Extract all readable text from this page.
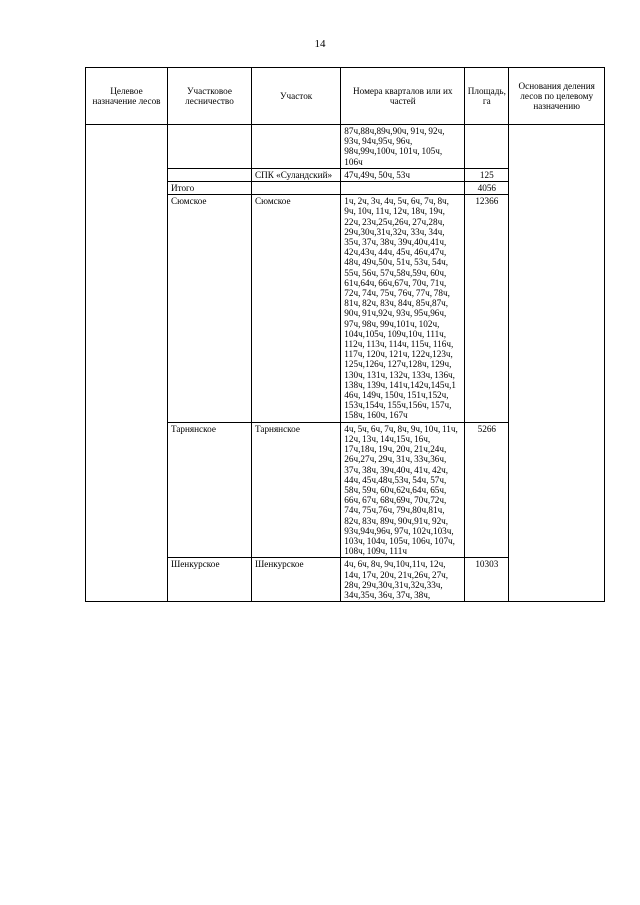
14
Целевое назначение лесов	Участковое лесничество	Участок	Номера кварталов или их частей	Площадь, га	Основания деления лесов по целевому назначению
			87ч,88ч,89ч,90ч, 91ч, 92ч, 93ч, 94ч,95ч, 96ч, 98ч,99ч,100ч, 101ч, 105ч, 106ч		
		СПК «Суландский»	47ч,49ч, 50ч, 53ч	125	
	Итого			4056	
	Сюмское	Сюмское	1ч, 2ч, 3ч, 4ч, 5ч, 6ч, 7ч, 8ч, 9ч, 10ч, 11ч, 12ч, 18ч, 19ч, 22ч, 23ч,25ч,26ч, 27ч,28ч, 29ч,30ч,31ч,32ч, 33ч, 34ч, 35ч, 37ч, 38ч, 39ч,40ч,41ч, 42ч,43ч, 44ч, 45ч, 46ч,47ч, 48ч, 49ч,50ч, 51ч, 53ч, 54ч, 55ч, 56ч, 57ч,58ч,59ч, 60ч, 61ч,64ч, 66ч,67ч, 70ч, 71ч, 72ч, 74ч, 75ч, 76ч, 77ч, 78ч, 81ч, 82ч, 83ч, 84ч, 85ч,87ч, 90ч, 91ч,92ч, 93ч, 95ч,96ч, 97ч, 98ч, 99ч,101ч, 102ч, 104ч,105ч, 109ч,10ч, 111ч, 112ч, 113ч, 114ч, 115ч, 116ч, 117ч, 120ч, 121ч, 122ч,123ч, 125ч,126ч, 127ч,128ч, 129ч, 130ч, 131ч, 132ч, 133ч, 136ч, 138ч, 139ч, 141ч,142ч,145ч,1 46ч, 149ч, 150ч, 151ч,152ч, 153ч,154ч, 155ч,156ч, 157ч, 158ч, 160ч, 167ч	12366	
	Тарнянское	Тарнянское	4ч, 5ч, 6ч, 7ч, 8ч, 9ч, 10ч, 11ч, 12ч, 13ч, 14ч,15ч, 16ч, 17ч,18ч, 19ч, 20ч, 21ч,24ч, 26ч,27ч, 29ч, 31ч, 33ч,36ч, 37ч, 38ч, 39ч,40ч, 41ч, 42ч, 44ч, 45ч,48ч,53ч, 54ч, 57ч, 58ч, 59ч, 60ч,62ч,64ч, 65ч, 66ч, 67ч, 68ч,69ч, 70ч,72ч, 74ч, 75ч,76ч, 79ч,80ч,81ч, 82ч, 83ч, 89ч, 90ч,91ч, 92ч, 93ч,94ч,96ч, 97ч, 102ч,103ч, 103ч, 104ч, 105ч, 106ч, 107ч, 108ч, 109ч, 111ч	5266	
	Шенкурское	Шенкурское	4ч, 6ч, 8ч, 9ч,10ч,11ч, 12ч, 14ч, 17ч, 20ч, 21ч,26ч, 27ч, 28ч, 29ч,30ч,31ч,32ч,33ч, 34ч,35ч, 36ч, 37ч, 38ч,	10303	
